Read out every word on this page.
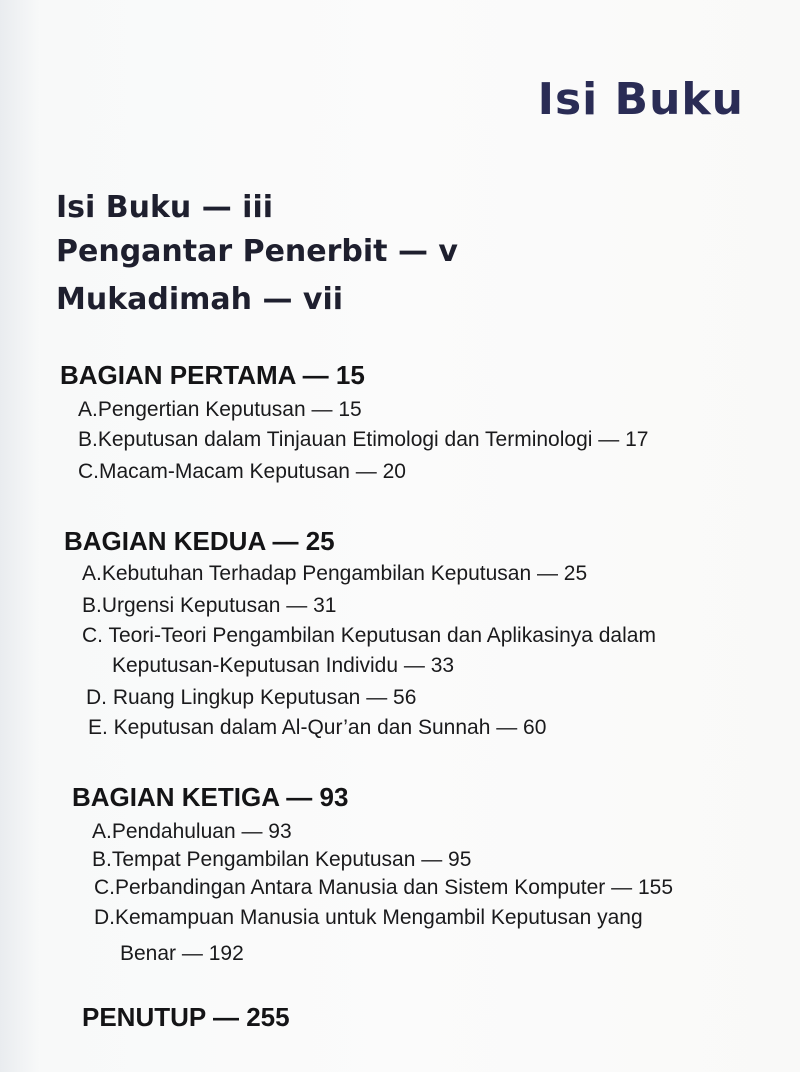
Isi Buku
Isi Buku — iii
Pengantar Penerbit — v
Mukadimah — vii
BAGIAN PERTAMA — 15
A.Pengertian Keputusan — 15
B.Keputusan dalam Tinjauan Etimologi dan Terminologi — 17
C.Macam-Macam Keputusan — 20
BAGIAN KEDUA — 25
A.Kebutuhan Terhadap Pengambilan Keputusan — 25
B.Urgensi Keputusan — 31
C. Teori-Teori Pengambilan Keputusan dan Aplikasinya dalam
Keputusan-Keputusan Individu — 33
D. Ruang Lingkup Keputusan — 56
E. Keputusan dalam Al-Qur’an dan Sunnah — 60
BAGIAN KETIGA — 93
A.Pendahuluan — 93
B.Tempat Pengambilan Keputusan — 95
C.Perbandingan Antara Manusia dan Sistem Komputer — 155
D.Kemampuan Manusia untuk Mengambil Keputusan yang
Benar — 192
PENUTUP — 255
